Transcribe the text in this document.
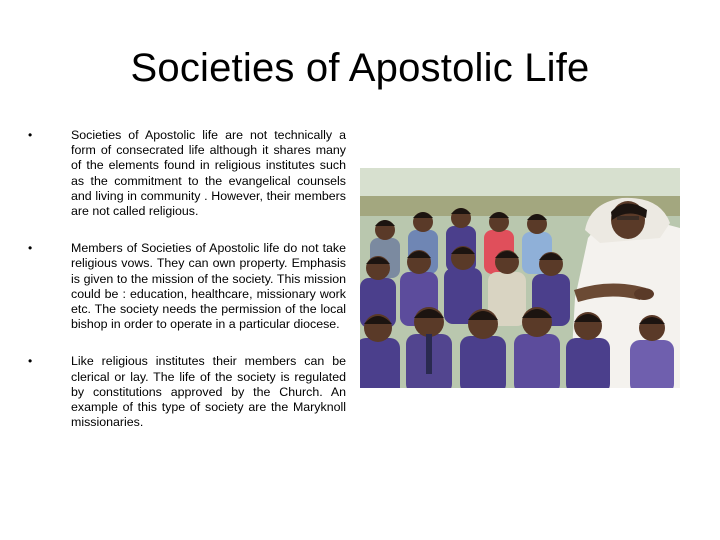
Societies of Apostolic Life
•	Societies of Apostolic life are not technically a form of consecrated life although it shares many of the elements found in religious institutes such as the commitment to the evangelical counsels and living in community . However, their members are not called religious.
•	Members of Societies of Apostolic life do not take religious vows. They can own property. Emphasis is given to the mission of the society. This mission could be : education, healthcare, missionary work etc. The society needs the permission of the local bishop in order to operate in a particular diocese.
•	Like religious institutes their members can be clerical or lay. The life of the society is regulated by constitutions approved by the Church. An example of this type of society are the Maryknoll missionaries.
